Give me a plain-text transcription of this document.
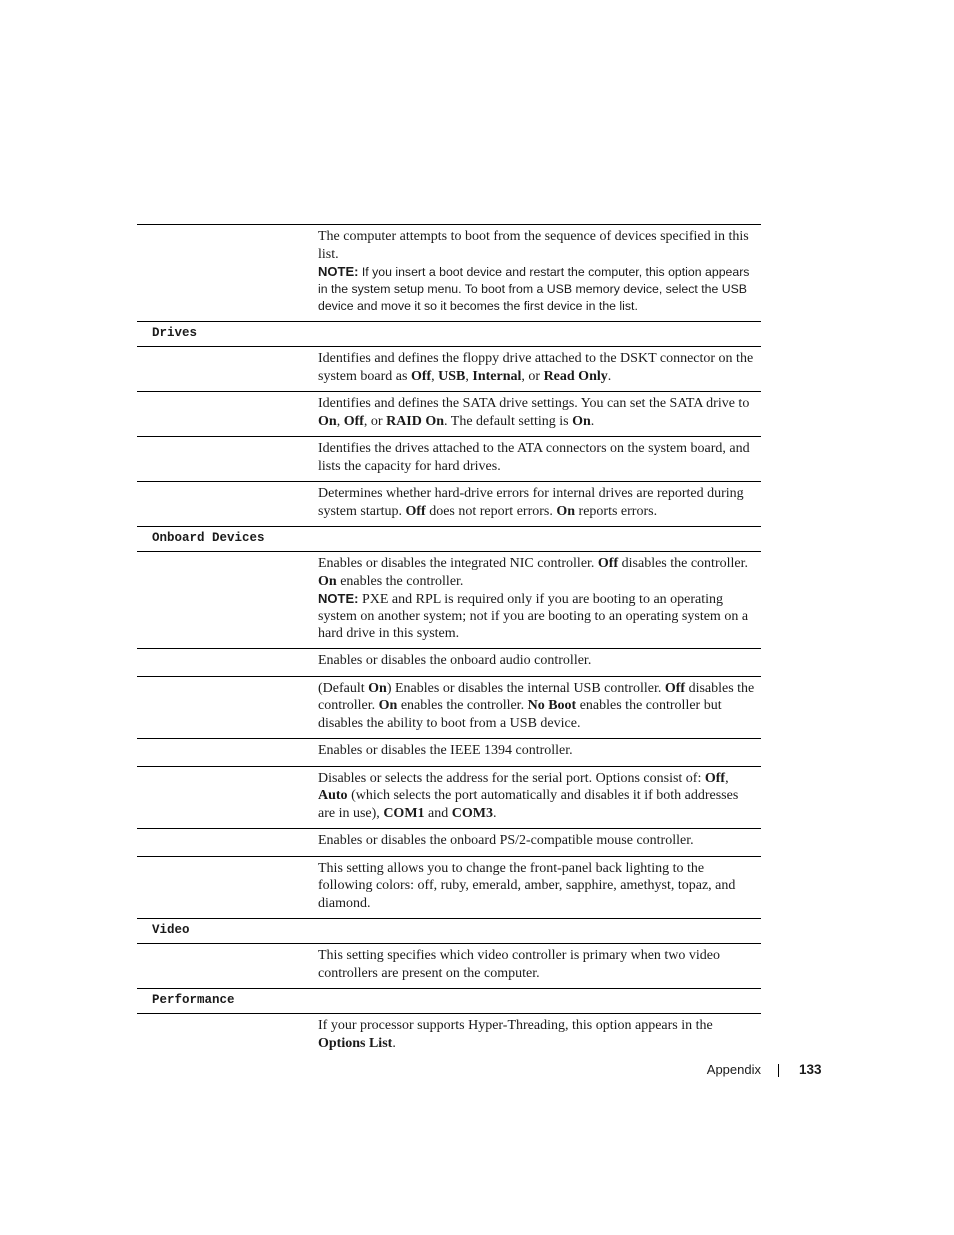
The computer attempts to boot from the sequence of devices specified in this list.

NOTE: If you insert a boot device and restart the computer, this option appears in the system setup menu. To boot from a USB memory device, select the USB device and move it so it becomes the first device in the list.

Drives

Identifies and defines the floppy drive attached to the DSKT connector on the system board as Off, USB, Internal, or Read Only.

Identifies and defines the SATA drive settings. You can set the SATA drive to On, Off, or RAID On. The default setting is On.

Identifies the drives attached to the ATA connectors on the system board, and lists the capacity for hard drives.

Determines whether hard-drive errors for internal drives are reported during system startup. Off does not report errors. On reports errors.

Onboard Devices

Enables or disables the integrated NIC controller. Off disables the controller. On enables the controller.

NOTE: PXE and RPL is required only if you are booting to an operating system on another system; not if you are booting to an operating system on a hard drive in this system.

Enables or disables the onboard audio controller.

(Default On) Enables or disables the internal USB controller. Off disables the controller. On enables the controller. No Boot enables the controller but disables the ability to boot from a USB device.

Enables or disables the IEEE 1394 controller.

Disables or selects the address for the serial port. Options consist of: Off, Auto (which selects the port automatically and disables it if both addresses are in use), COM1 and COM3.

Enables or disables the onboard PS/2-compatible mouse controller.

This setting allows you to change the front-panel back lighting to the following colors: off, ruby, emerald, amber, sapphire, amethyst, topaz, and diamond.

Video

This setting specifies which video controller is primary when two video controllers are present on the computer.

Performance

If your processor supports Hyper-Threading, this option appears in the Options List.

Appendix	133
